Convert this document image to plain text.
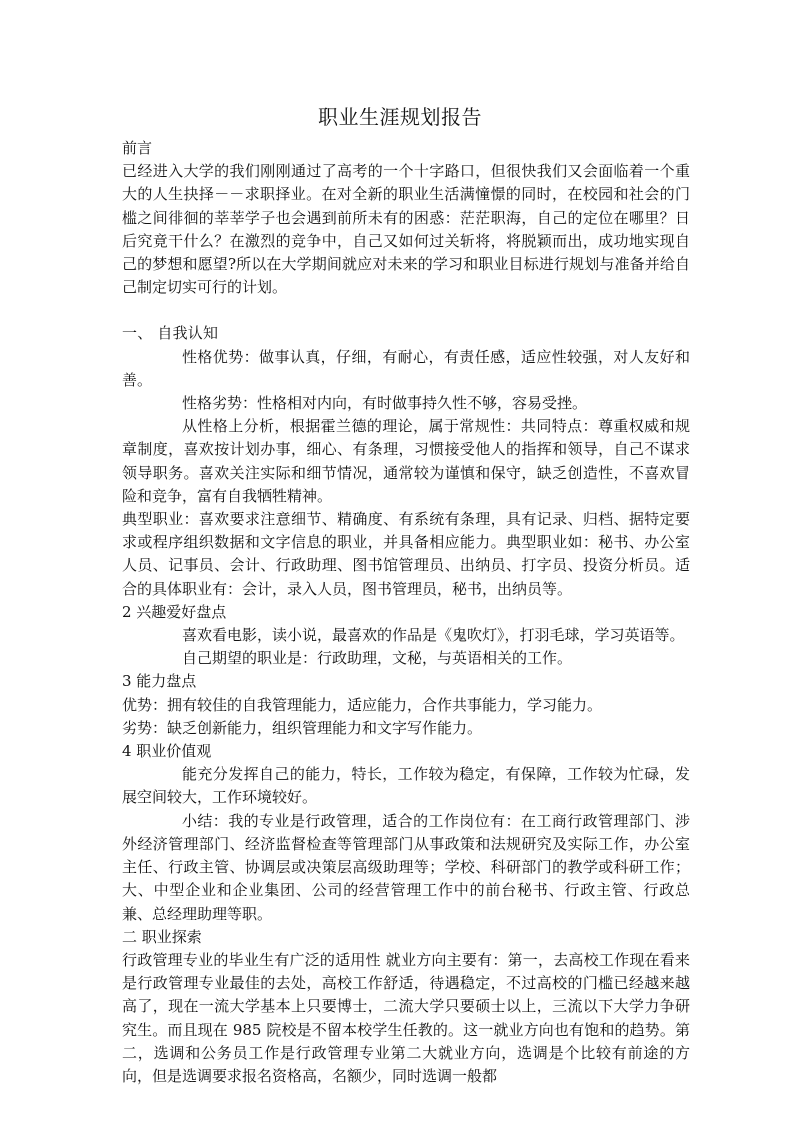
职业生涯规划报告

前言

已经进入大学的我们刚刚通过了高考的一个十字路口，但很快我们又会面临着一个重大的人生抉择－－求职择业。在对全新的职业生活满憧憬的同时，在校园和社会的门槛之间徘徊的莘莘学子也会遇到前所未有的困惑：茫茫职海，自己的定位在哪里？日后究竟干什么？在激烈的竞争中，自己又如何过关斩将，将脱颖而出，成功地实现自己的梦想和愿望?所以在大学期间就应对未来的学习和职业目标进行规划与准备并给自己制定切实可行的计划。

一、 自我认知

性格优势：做事认真，仔细，有耐心，有责任感，适应性较强，对人友好和善。

性格劣势：性格相对内向，有时做事持久性不够，容易受挫。

从性格上分析，根据霍兰德的理论，属于常规性：共同特点：尊重权威和规章制度，喜欢按计划办事，细心、有条理，习惯接受他人的指挥和领导，自己不谋求领导职务。喜欢关注实际和细节情况，通常较为谨慎和保守，缺乏创造性，不喜欢冒险和竞争，富有自我牺牲精神。

典型职业：喜欢要求注意细节、精确度、有系统有条理，具有记录、归档、据特定要求或程序组织数据和文字信息的职业，并具备相应能力。典型职业如：秘书、办公室人员、记事员、会计、行政助理、图书馆管理员、出纳员、打字员、投资分析员。适合的具体职业有：会计，录入人员，图书管理员，秘书，出纳员等。

2 兴趣爱好盘点

喜欢看电影，读小说，最喜欢的作品是《鬼吹灯》，打羽毛球，学习英语等。

自己期望的职业是：行政助理，文秘，与英语相关的工作。

3 能力盘点

优势：拥有较佳的自我管理能力，适应能力，合作共事能力，学习能力。

劣势：缺乏创新能力，组织管理能力和文字写作能力。

4 职业价值观

能充分发挥自己的能力，特长，工作较为稳定，有保障，工作较为忙碌，发展空间较大，工作环境较好。

小结：我的专业是行政管理，适合的工作岗位有：在工商行政管理部门、涉外经济管理部门、经济监督检查等管理部门从事政策和法规研究及实际工作，办公室主任、行政主管、协调层或决策层高级助理等；学校、科研部门的教学或科研工作；大、中型企业和企业集团、公司的经营管理工作中的前台秘书、行政主管、行政总兼、总经理助理等职。

二 职业探索

行政管理专业的毕业生有广泛的适用性 就业方向主要有：第一，去高校工作现在看来是行政管理专业最佳的去处，高校工作舒适，待遇稳定，不过高校的门槛已经越来越高了，现在一流大学基本上只要博士，二流大学只要硕士以上，三流以下大学力争研究生。而且现在 985 院校是不留本校学生任教的。这一就业方向也有饱和的趋势。第二，选调和公务员工作是行政管理专业第二大就业方向，选调是个比较有前途的方向，但是选调要求报名资格高，名额少，同时选调一般都
